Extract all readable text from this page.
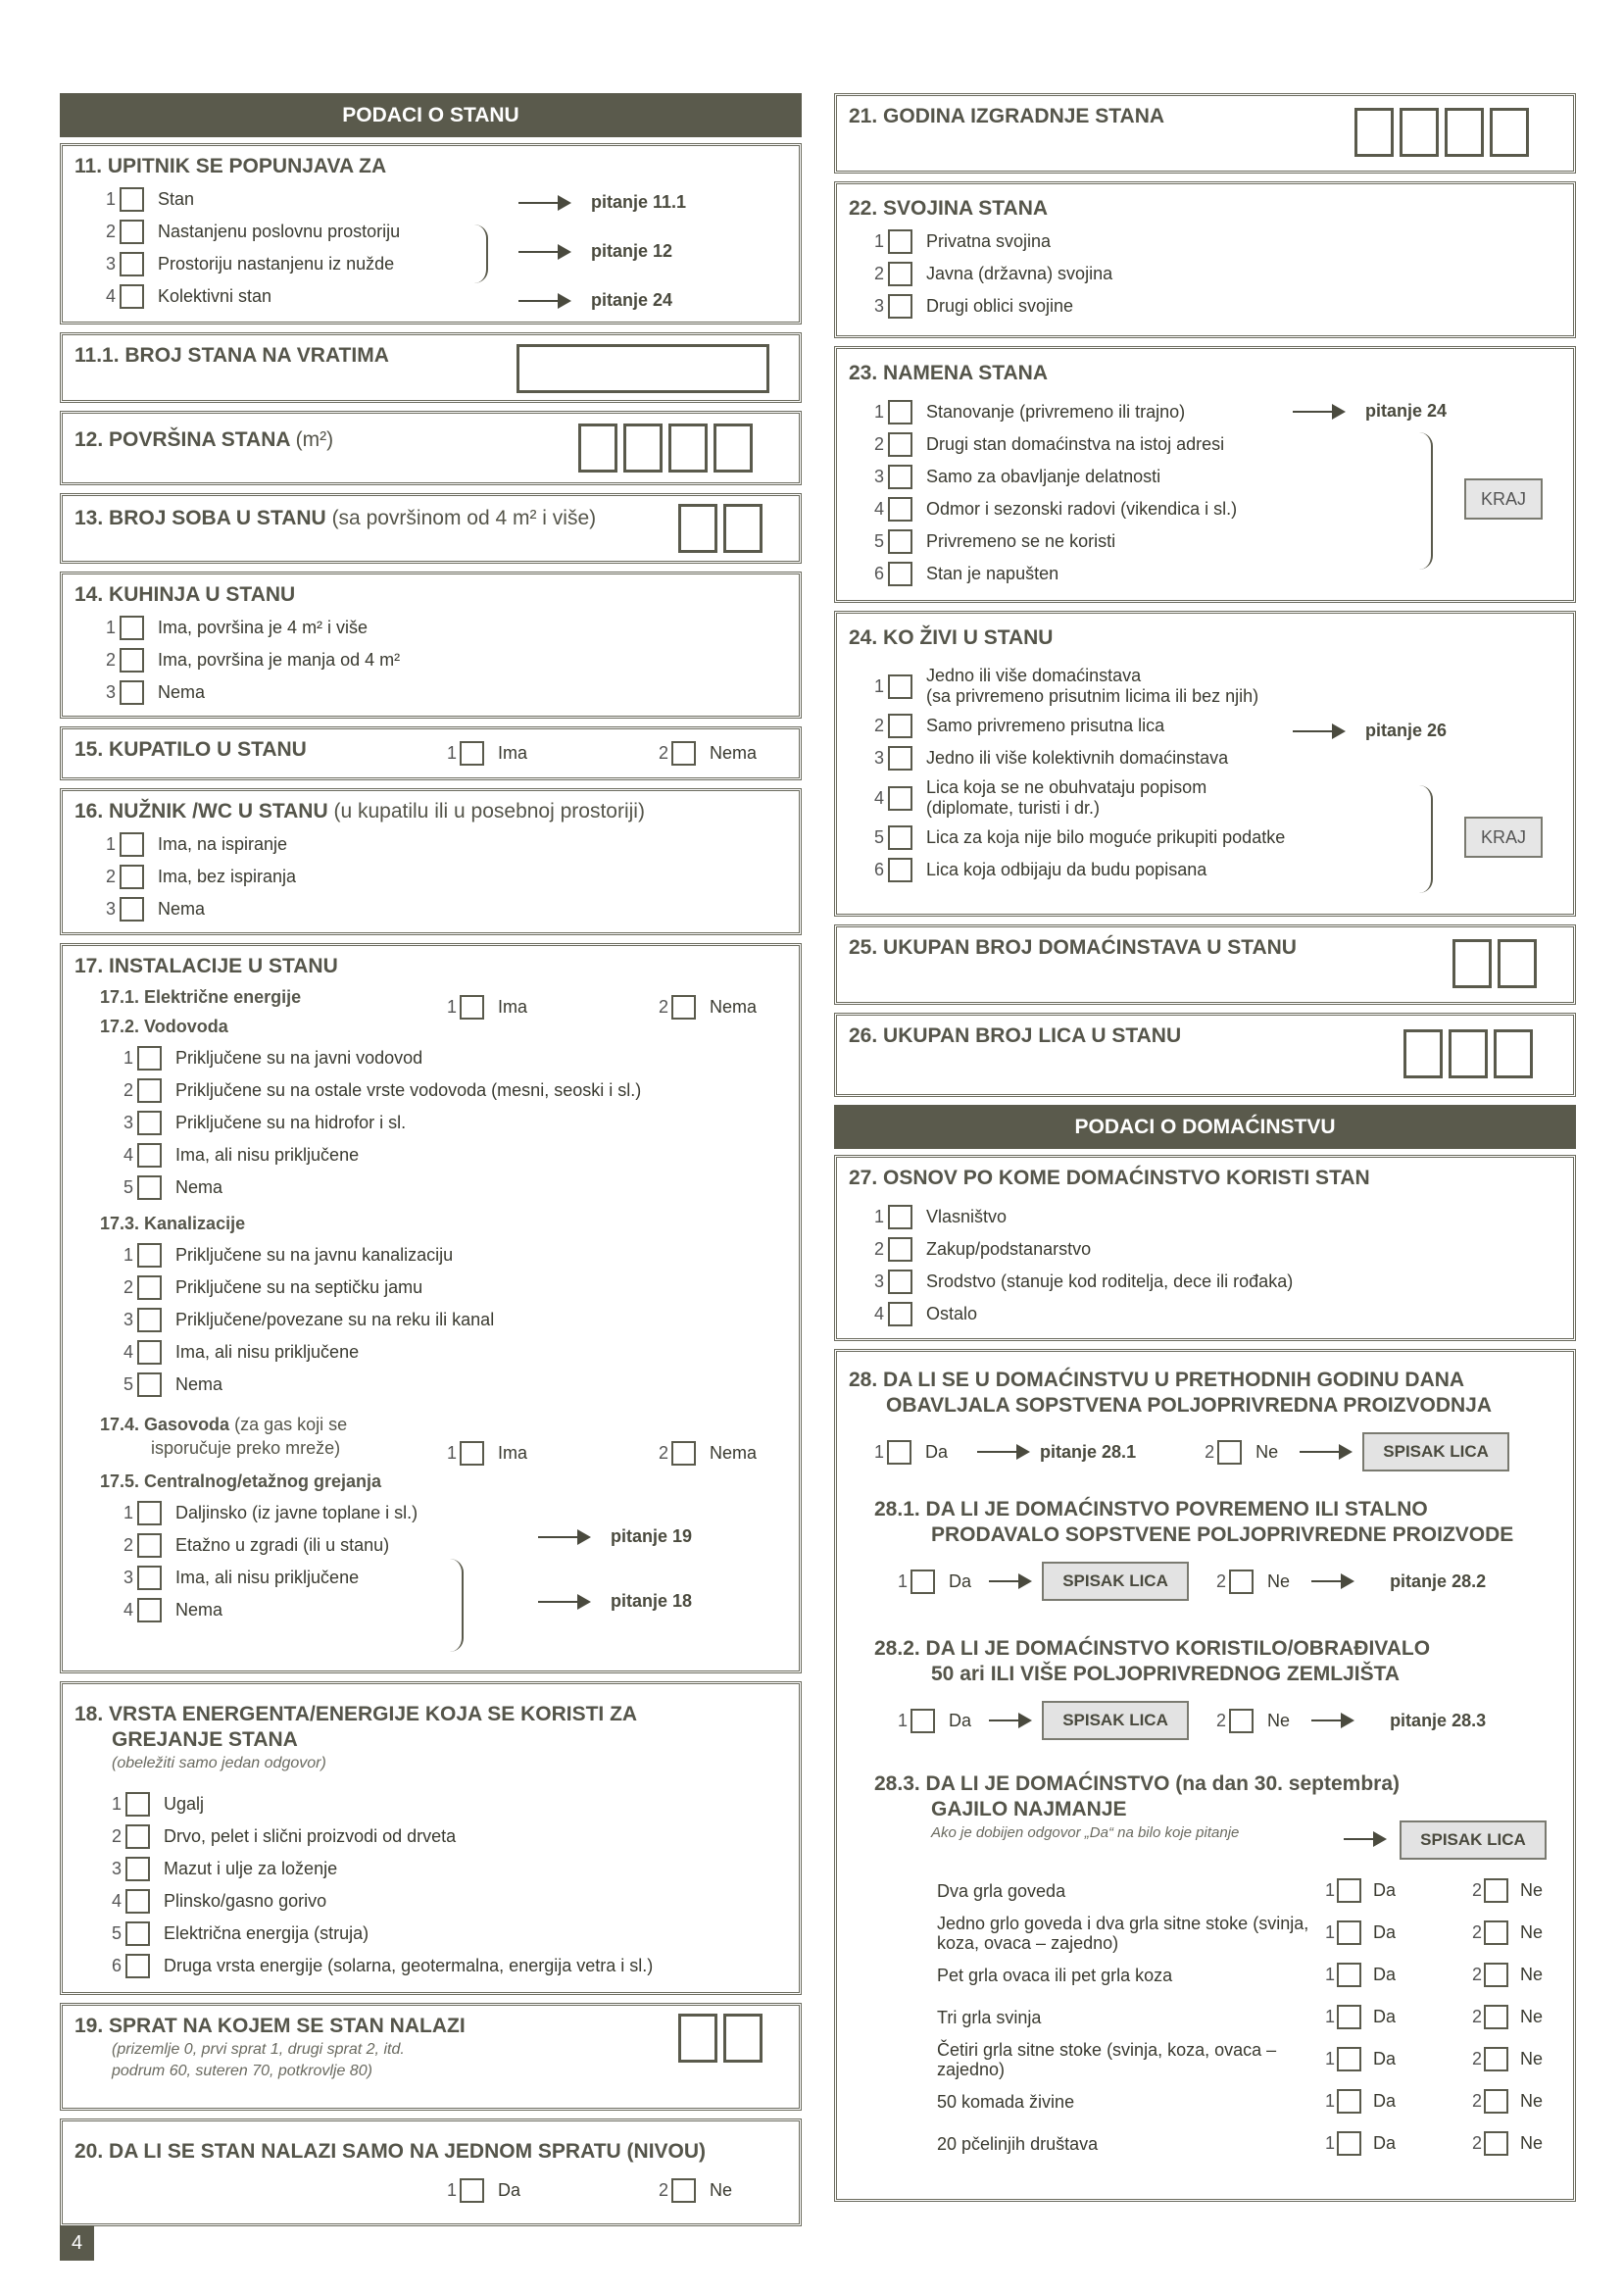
PODACI O STANU
11. UPITNIK SE POPUNJAVA ZA
1 Stan
2 Nastanjenu poslovnu prostoriju
3 Prostoriju nastanjenu iz nužde
4 Kolektivni stan
pitanje 11.1
pitanje 12
pitanje 24
11.1. BROJ STANA NA VRATIMA
12. POVRŠINA STANA (m²)
13. BROJ SOBA U STANU (sa površinom od 4 m² i više)
14. KUHINJA U STANU
1 Ima, površina je 4 m² i više
2 Ima, površina je manja od 4 m²
3 Nema
15. KUPATILO U STANU	1 Ima	2 Nema
16. NUŽNIK /WC U STANU (u kupatilu ili u posebnoj prostoriji)
1 Ima, na ispiranje
2 Ima, bez ispiranja
3 Nema
17. INSTALACIJE U STANU
17.1. Električne energije	1 Ima	2 Nema
17.2. Vodovoda
1 Priključene su na javni vodovod
2 Priključene su na ostale vrste vodovoda (mesni, seoski i sl.)
3 Priključene su na hidrofor i sl.
4 Ima, ali nisu priključene
5 Nema
17.3. Kanalizacije
1 Priključene su na javnu kanalizaciju
2 Priključene su na septičku jamu
3 Priključene/povezane su na reku ili kanal
4 Ima, ali nisu priključene
5 Nema
17.4. Gasovoda (za gas koji se
isporučuje preko mreže)	1 Ima	2 Nema
17.5. Centralnog/etažnog grejanja
1 Daljinsko (iz javne toplane i sl.)
2 Etažno u zgradi (ili u stanu)
3 Ima, ali nisu priključene
4 Nema
pitanje 19
pitanje 18
18. VRSTA ENERGENTA/ENERGIJE KOJA SE KORISTI ZA
GREJANJE STANA
(obeležiti samo jedan odgovor)
1 Ugalj
2 Drvo, pelet i slični proizvodi od drveta
3 Mazut i ulje za loženje
4 Plinsko/gasno gorivo
5 Električna energija (struja)
6 Druga vrsta energije (solarna, geotermalna, energija vetra i sl.)
19. SPRAT NA KOJEM SE STAN NALAZI
(prizemlje 0, prvi sprat 1, drugi sprat 2, itd.
podrum 60, suteren 70, potkrovlje 80)
20. DA LI SE STAN NALAZI SAMO NA JEDNOM SPRATU (NIVOU)
1 Da	2 Ne
21. GODINA IZGRADNJE STANA
22. SVOJINA STANA
1 Privatna svojina
2 Javna (državna) svojina
3 Drugi oblici svojine
23. NAMENA STANA
1 Stanovanje (privremeno ili trajno)
2 Drugi stan domaćinstva na istoj adresi
3 Samo za obavljanje delatnosti
4 Odmor i sezonski radovi (vikendica i sl.)
5 Privremeno se ne koristi
6 Stan je napušten
pitanje 24
KRAJ
24. KO ŽIVI U STANU
1
Jedno ili više domaćinstava
(sa privremeno prisutnim licima ili bez njih)
2 Samo privremeno prisutna lica
3 Jedno ili više kolektivnih domaćinstava
4
Lica koja se ne obuhvataju popisom
(diplomate, turisti i dr.)
5 Lica za koja nije bilo moguće prikupiti podatke
6 Lica koja odbijaju da budu popisana
pitanje 26
KRAJ
25. UKUPAN BROJ DOMAĆINSTAVA U STANU
26. UKUPAN BROJ LICA U STANU
PODACI O DOMAĆINSTVU
27. OSNOV PO KOME DOMAĆINSTVO KORISTI STAN
1 Vlasništvo
2 Zakup/podstanarstvo
3 Srodstvo (stanuje kod roditelja, dece ili rođaka)
4 Ostalo
28. DA LI SE U DOMAĆINSTVU U PRETHODNIH GODINU DANA
OBAVLJALA SOPSTVENA POLJOPRIVREDNA PROIZVODNJA
1 Da	pitanje 28.1	2 Ne	SPISAK LICA
28.1. DA LI JE DOMAĆINSTVO POVREMENO ILI STALNO
PRODAVALO SOPSTVENE POLJOPRIVREDNE PROIZVODE
1 Da	SPISAK LICA	2 Ne	pitanje 28.2
28.2. DA LI JE DOMAĆINSTVO KORISTILO/OBRAĐIVALO
50 ari ILI VIŠE POLJOPRIVREDNOG ZEMLJIŠTA
1 Da	SPISAK LICA	2 Ne	pitanje 28.3
28.3. DA LI JE DOMAĆINSTVO (na dan 30. septembra)
GAJILO NAJMANJE
Ako je dobijen odgovor „Da“ na bilo koje pitanje	SPISAK LICA
Dva grla goveda	1 Da	2 Ne
Jedno grlo goveda i dva grla sitne stoke (svinja, koza, ovaca – zajedno)
1 Da	2 Ne
Pet grla ovaca ili pet grla koza	1 Da	2 Ne
Tri grla svinja	1 Da	2 Ne
Četiri grla sitne stoke (svinja, koza, ovaca – zajedno)
1 Da	2 Ne
50 komada živine	1 Da	2 Ne
20 pčelinjih društava	1 Da	2 Ne
4
